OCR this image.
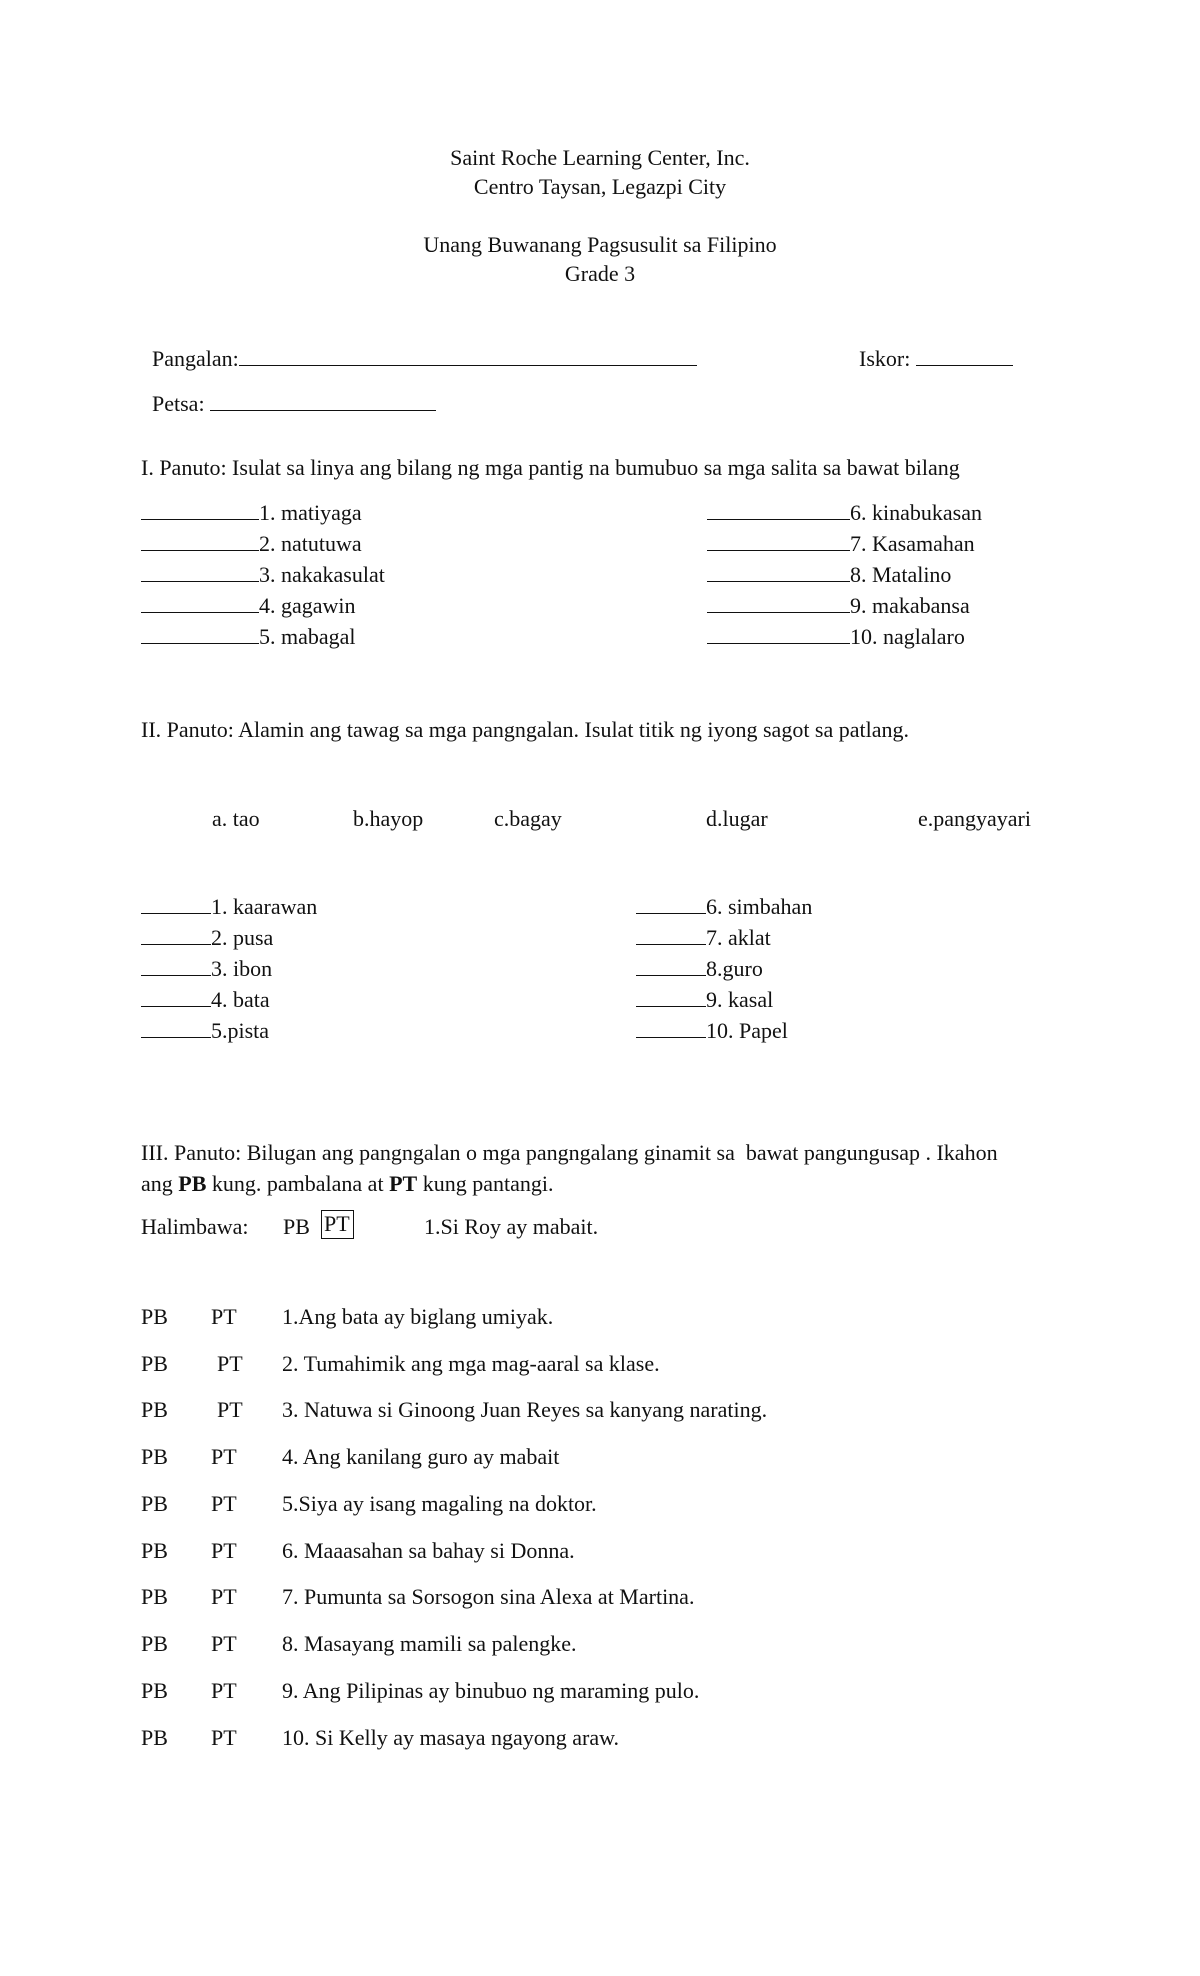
Saint Roche Learning Center, Inc.
Centro Taysan, Legazpi City
Unang Buwanang Pagsusulit sa Filipino
Grade 3

Pangalan:	Iskor:

Petsa:

I. Panuto: Isulat sa linya ang bilang ng mga pantig na bumubuo sa mga salita sa bawat bilang
1. matiyaga
2. natutuwa
3. nakakasulat
4. gagawin
5. mabagal
6. kinabukasan
7. Kasamahan
8. Matalino
9. makabansa
10. naglalaro
II. Panuto: Alamin ang tawag sa mga pangngalan. Isulat titik ng iyong sagot sa patlang.
a. tao	b.hayop	c.bagay	d.lugar	e.pangyayari
1. kaarawan
2. pusa
3. ibon
4. bata
5.pista
6. simbahan
7. aklat
8.guro
9. kasal
10. Papel
III. Panuto: Bilugan ang pangngalan o mga pangngalang ginamit sa  bawat pangungusap . Ikahon
ang PB kung. pambalana at PT kung pantangi.
Halimbawa: PB PT	1.Si Roy ay mabait.
PB PT 1.Ang bata ay biglang umiyak.
PB PT 2. Tumahimik ang mga mag-aaral sa klase.
PB PT 3. Natuwa si Ginoong Juan Reyes sa kanyang narating.
PB PT 4. Ang kanilang guro ay mabait
PB PT 5.Siya ay isang magaling na doktor.
PB PT 6. Maaasahan sa bahay si Donna.
PB PT 7. Pumunta sa Sorsogon sina Alexa at Martina.
PB PT 8. Masayang mamili sa palengke.
PB PT 9. Ang Pilipinas ay binubuo ng maraming pulo.
PB PT 10. Si Kelly ay masaya ngayong araw.
